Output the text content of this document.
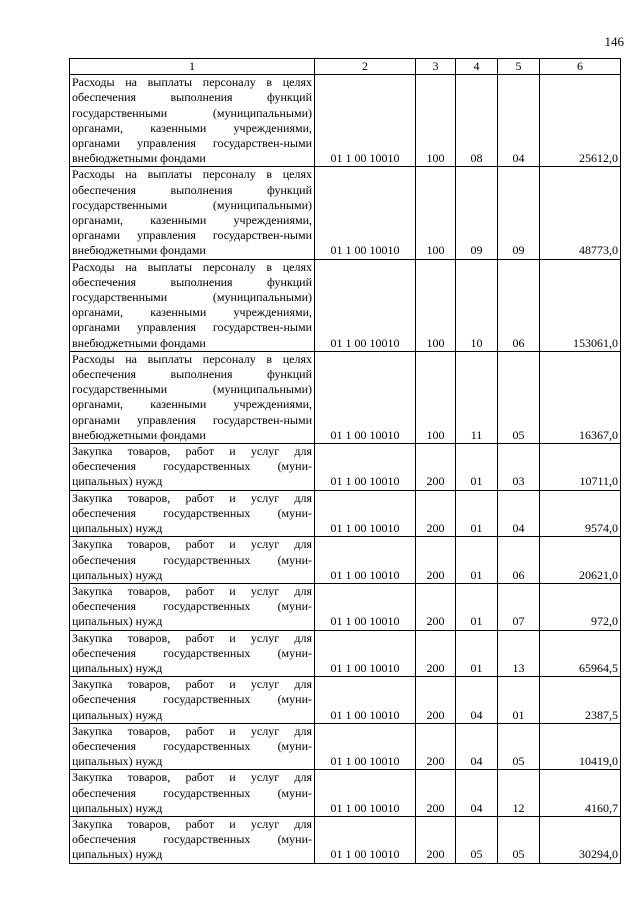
146
1	2	3	4	5	6
Расходы на выплаты персоналу в целях обеспечения выполнения функций государственными (муниципальными) органами, казенными учреждениями, органами управления государствен-ными внебюджетными фондами	01 1 00 10010	100	08	04	25612,0
Расходы на выплаты персоналу в целях обеспечения выполнения функций государственными (муниципальными) органами, казенными учреждениями, органами управления государствен-ными внебюджетными фондами	01 1 00 10010	100	09	09	48773,0
Расходы на выплаты персоналу в целях обеспечения выполнения функций государственными (муниципальными) органами, казенными учреждениями, органами управления государствен-ными внебюджетными фондами	01 1 00 10010	100	10	06	153061,0
Расходы на выплаты персоналу в целях обеспечения выполнения функций государственными (муниципальными) органами, казенными учреждениями, органами управления государствен-ными внебюджетными фондами	01 1 00 10010	100	11	05	16367,0
Закупка товаров, работ и услуг для обеспечения государственных (муни-ципальных) нужд	01 1 00 10010	200	01	03	10711,0
Закупка товаров, работ и услуг для обеспечения государственных (муни-ципальных) нужд	01 1 00 10010	200	01	04	9574,0
Закупка товаров, работ и услуг для обеспечения государственных (муни-ципальных) нужд	01 1 00 10010	200	01	06	20621,0
Закупка товаров, работ и услуг для обеспечения государственных (муни-ципальных) нужд	01 1 00 10010	200	01	07	972,0
Закупка товаров, работ и услуг для обеспечения государственных (муни-ципальных) нужд	01 1 00 10010	200	01	13	65964,5
Закупка товаров, работ и услуг для обеспечения государственных (муни-ципальных) нужд	01 1 00 10010	200	04	01	2387,5
Закупка товаров, работ и услуг для обеспечения государственных (муни-ципальных) нужд	01 1 00 10010	200	04	05	10419,0
Закупка товаров, работ и услуг для обеспечения государственных (муни-ципальных) нужд	01 1 00 10010	200	04	12	4160,7
Закупка товаров, работ и услуг для обеспечения государственных (муни-ципальных) нужд	01 1 00 10010	200	05	05	30294,0
